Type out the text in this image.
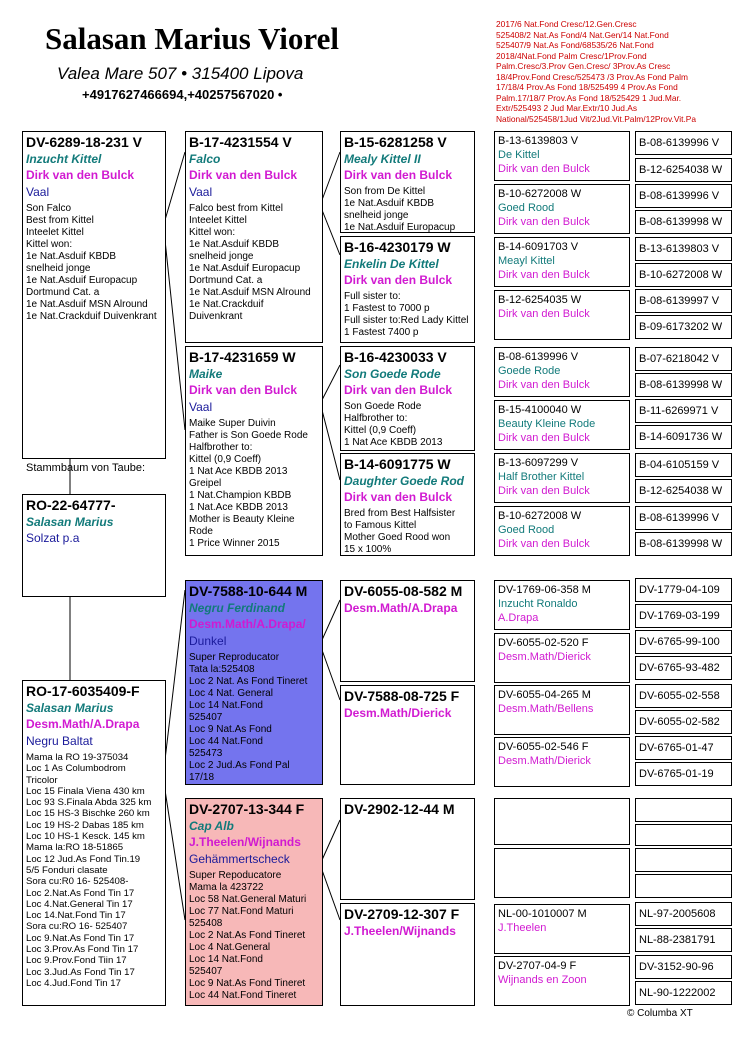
Salasan Marius Viorel
Valea Mare 507 • 315400 Lipova
+4917627466694,+40257567020 •
2017/6 Nat.Fond Cresc/12.Gen.Cresc
525408/2 Nat.As Fond/4 Nat.Gen/14 Nat.Fond
525407/9 Nat.As Fond/68535/26 Nat.Fond
2018/4Nat.Fond Palm Cresc/1Prov.Fond
Palm.Cresc/3.Prov Gen.Cresc/ 3Prov.As Cresc
18/4Prov.Fond Cresc/525473 /3 Prov.As Fond Palm
17/18/4 Prov.As Fond 18/525499 4 Prov.As Fond
Palm.17/18/7 Prov.As Fond 18/525429 1 Jud.Mar.
Extr/525493 2 Jud Mar.Extr/10 Jud.As
National/525458/1Jud Vit/2Jud.Vit.Palm/12Prov.Vit.Pa
DV-6289-18-231 V
Inzucht Kittel
Dirk van den Bulck
Vaal
Son Falco
Best from Kittel
Inteelet Kittel
Kittel won:
1e Nat.Asduif KBDB
snelheid jonge
1e Nat.Asduif Europacup
Dortmund Cat. a
1e Nat.Asduif MSN Alround
1e Nat.Crackduif Duivenkrant
Stammbaum von Taube:
RO-22-64777-
Salasan Marius
Solzat p.a
RO-17-6035409-F
Salasan Marius
Desm.Math/A.Drapa
Negru Baltat
Mama la RO 19-375034
Loc 1 As Columbodrom
Tricolor
Loc 15 Finala Viena 430 km
Loc 93 S.Finala Abda 325 km
Loc 15 HS-3 Bischke 260 km
Loc 19 HS-2 Dabas 185 km
Loc 10 HS-1 Kesck. 145 km
Mama la:RO 18-51865
Loc 12 Jud.As Fond Tin.19
5/5 Fonduri clasate
Sora cu:R0 16- 525408-
Loc 2.Nat.As Fond Tin 17
Loc 4.Nat.General Tin 17
Loc 14.Nat.Fond Tin 17
Sora cu:RO 16- 525407
Loc 9.Nat.As Fond Tin 17
Loc 3.Prov.As Fond Tin 17
Loc 9.Prov.Fond Tiin 17
Loc 3.Jud.As Fond Tin 17
Loc 4.Jud.Fond Tin 17
B-17-4231554 V
Falco
Dirk van den Bulck
Vaal
Falco best from Kittel
Inteelet Kittel
Kittel won:
1e Nat.Asduif KBDB
snelheid jonge
1e Nat.Asduif Europacup
Dortmund Cat. a
1e Nat.Asduif MSN Alround
1e Nat.Crackduif
Duivenkrant
B-17-4231659 W
Maike
Dirk van den Bulck
Vaal
Maike Super Duivin
Father is Son Goede Rode
Halfbrother to:
Kittel (0,9 Coeff)
1 Nat Ace KBDB 2013
Greipel
1 Nat.Champion KBDB
1 Nat.Ace KBDB 2013
Mother is Beauty Kleine
Rode
1 Price Winner 2015
DV-7588-10-644 M
Negru Ferdinand
Desm.Math/A.Drapa/
Dunkel
Super Reproducator
Tata la:525408
Loc 2 Nat. As Fond Tineret
Loc 4 Nat. General
Loc 14 Nat.Fond
525407
Loc 9 Nat.As Fond
Loc 44 Nat.Fond
525473
Loc 2 Jud.As Fond Pal
17/18
DV-2707-13-344 F
Cap Alb
J.Theelen/Wijnands
Gehämmertscheck
Super Repoducatore
Mama la 423722
Loc 58 Nat.General Maturi
Loc 77 Nat.Fond Maturi
525408
Loc 2 Nat.As Fond Tineret
Loc 4 Nat.General
Loc 14 Nat.Fond
525407
Loc 9 Nat.As Fond Tineret
Loc 44 Nat.Fond Tineret
B-15-6281258 V
Mealy Kittel II
Dirk van den Bulck
Son from De Kittel
1e Nat.Asduif KBDB
snelheid jonge
1e Nat.Asduif Europacup
B-16-4230179 W
Enkelin De Kittel
Dirk van den Bulck
Full sister to:
1 Fastest to 7000 p
Full sister to:Red Lady Kittel
1 Fastest 7400 p
B-16-4230033 V
Son Goede Rode
Dirk van den Bulck
Son Goede Rode
Halfbrother to:
Kittel (0,9 Coeff)
1 Nat Ace KBDB 2013
B-14-6091775 W
Daughter Goede Rod
Dirk van den Bulck
Bred from Best Halfsister
to Famous Kittel
Mother Goed Rood won
15 x 100%
DV-6055-08-582 M
Desm.Math/A.Drapa
DV-7588-08-725 F
Desm.Math/Dierick
DV-2902-12-44 M
DV-2709-12-307 F
J.Theelen/Wijnands
B-13-6139803 V
De Kittel
Dirk van den Bulck
B-10-6272008 W
Goed Rood
Dirk van den Bulck
B-14-6091703 V
Meayl Kittel
Dirk van den Bulck
B-12-6254035 W
Dirk van den Bulck
B-08-6139996 V
Goede Rode
Dirk van den Bulck
B-15-4100040 W
Beauty Kleine Rode
Dirk van den Bulck
B-13-6097299 V
Half Brother Kittel
Dirk van den Bulck
B-10-6272008 W
Goed Rood
Dirk van den Bulck
DV-1769-06-358 M
Inzucht Ronaldo
A.Drapa
DV-6055-02-520 F
Desm.Math/Dierick
DV-6055-04-265 M
Desm.Math/Bellens
DV-6055-02-546 F
Desm.Math/Dierick
NL-00-1010007 M
J.Theelen
DV-2707-04-9 F
Wijnands en Zoon
B-08-6139996 V
B-12-6254038 W
B-08-6139996 V
B-08-6139998 W
B-13-6139803 V
B-10-6272008 W
B-08-6139997 V
B-09-6173202 W
B-07-6218042 V
B-08-6139998 W
B-11-6269971 V
B-14-6091736 W
B-04-6105159 V
B-12-6254038 W
B-08-6139996 V
B-08-6139998 W
DV-1779-04-109
DV-1769-03-199
DV-6765-99-100
DV-6765-93-482
DV-6055-02-558
DV-6055-02-582
DV-6765-01-47
DV-6765-01-19
NL-97-2005608
NL-88-2381791
DV-3152-90-96
NL-90-1222002
© Columba XT
